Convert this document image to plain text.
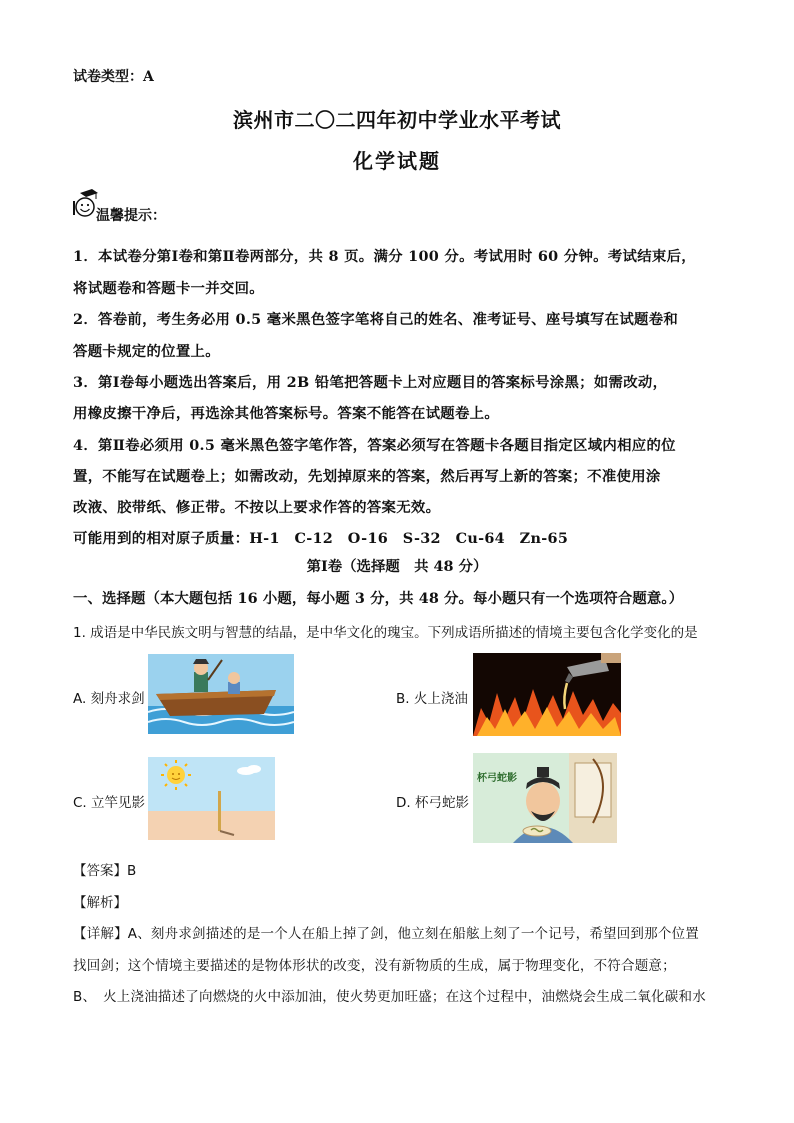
试卷类型：A
滨州市二〇二四年初中学业水平考试
化学试题
温馨提示：
1．本试卷分第Ⅰ卷和第Ⅱ卷两部分，共 8 页。满分 100 分。考试用时 60 分钟。考试结束后，
将试题卷和答题卡一并交回。
2．答卷前，考生务必用 0.5 毫米黑色签字笔将自己的姓名、准考证号、座号填写在试题卷和
答题卡规定的位置上。
3．第Ⅰ卷每小题选出答案后，用 2B 铅笔把答题卡上对应题目的答案标号涂黑；如需改动，
用橡皮擦干净后，再选涂其他答案标号。答案不能答在试题卷上。
4．第Ⅱ卷必须用 0.5 毫米黑色签字笔作答，答案必须写在答题卡各题目指定区域内相应的位
置，不能写在试题卷上；如需改动，先划掉原来的答案，然后再写上新的答案；不准使用涂
改液、胶带纸、修正带。不按以上要求作答的答案无效。
可能用到的相对原子质量：H-1　C-12　O-16　S-32　Cu-64　Zn-65
第Ⅰ卷（选择题　共 48 分）
一、选择题（本大题包括 16 小题，每小题 3 分，共 48 分。每小题只有一个选项符合题意。）
1. 成语是中华民族文明与智慧的结晶，是中华文化的瑰宝。下列成语所描述的情境主要包含化学变化的是
A. 刻舟求剑	B. 火上浇油
C. 立竿见影	D. 杯弓蛇影
杯弓蛇影
【答案】B
【解析】
【详解】A、刻舟求剑描述的是一个人在船上掉了剑，他立刻在船舷上刻了一个记号，希望回到那个位置
找回剑；这个情境主要描述的是物体形状的改变，没有新物质的生成，属于物理变化，不符合题意；
B、　火上浇油描述了向燃烧的火中添加油，使火势更加旺盛；在这个过程中，油燃烧会生成二氧化碳和水
